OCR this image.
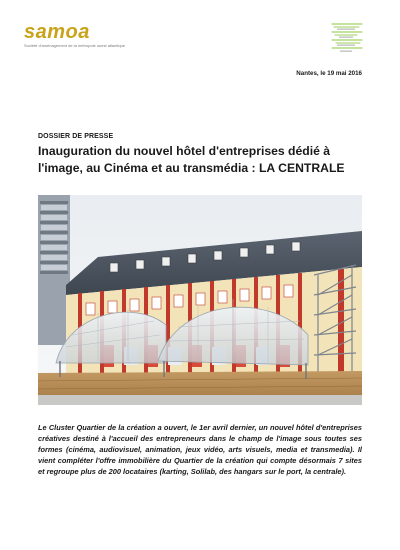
samoa
Société d'aménagement de la métropole ouest atlantique
Nantes, le 19 mai 2016
DOSSIER DE PRESSE
Inauguration du nouvel hôtel d'entreprises dédié à l'image, au Cinéma et au transmédia : LA CENTRALE

Le Cluster Quartier de la création a ouvert, le 1er avril dernier, un nouvel hôtel d'entreprises créatives destiné à l'accueil des entrepreneurs dans le champ de l'image sous toutes ses formes (cinéma, audiovisuel, animation, jeux vidéo, arts visuels, media et transmedia). Il vient compléter l'offre immobilière du Quartier de la création qui compte désormais 7 sites et regroupe plus de 200 locataires (karting, Solilab, des hangars sur le port, la centrale).
